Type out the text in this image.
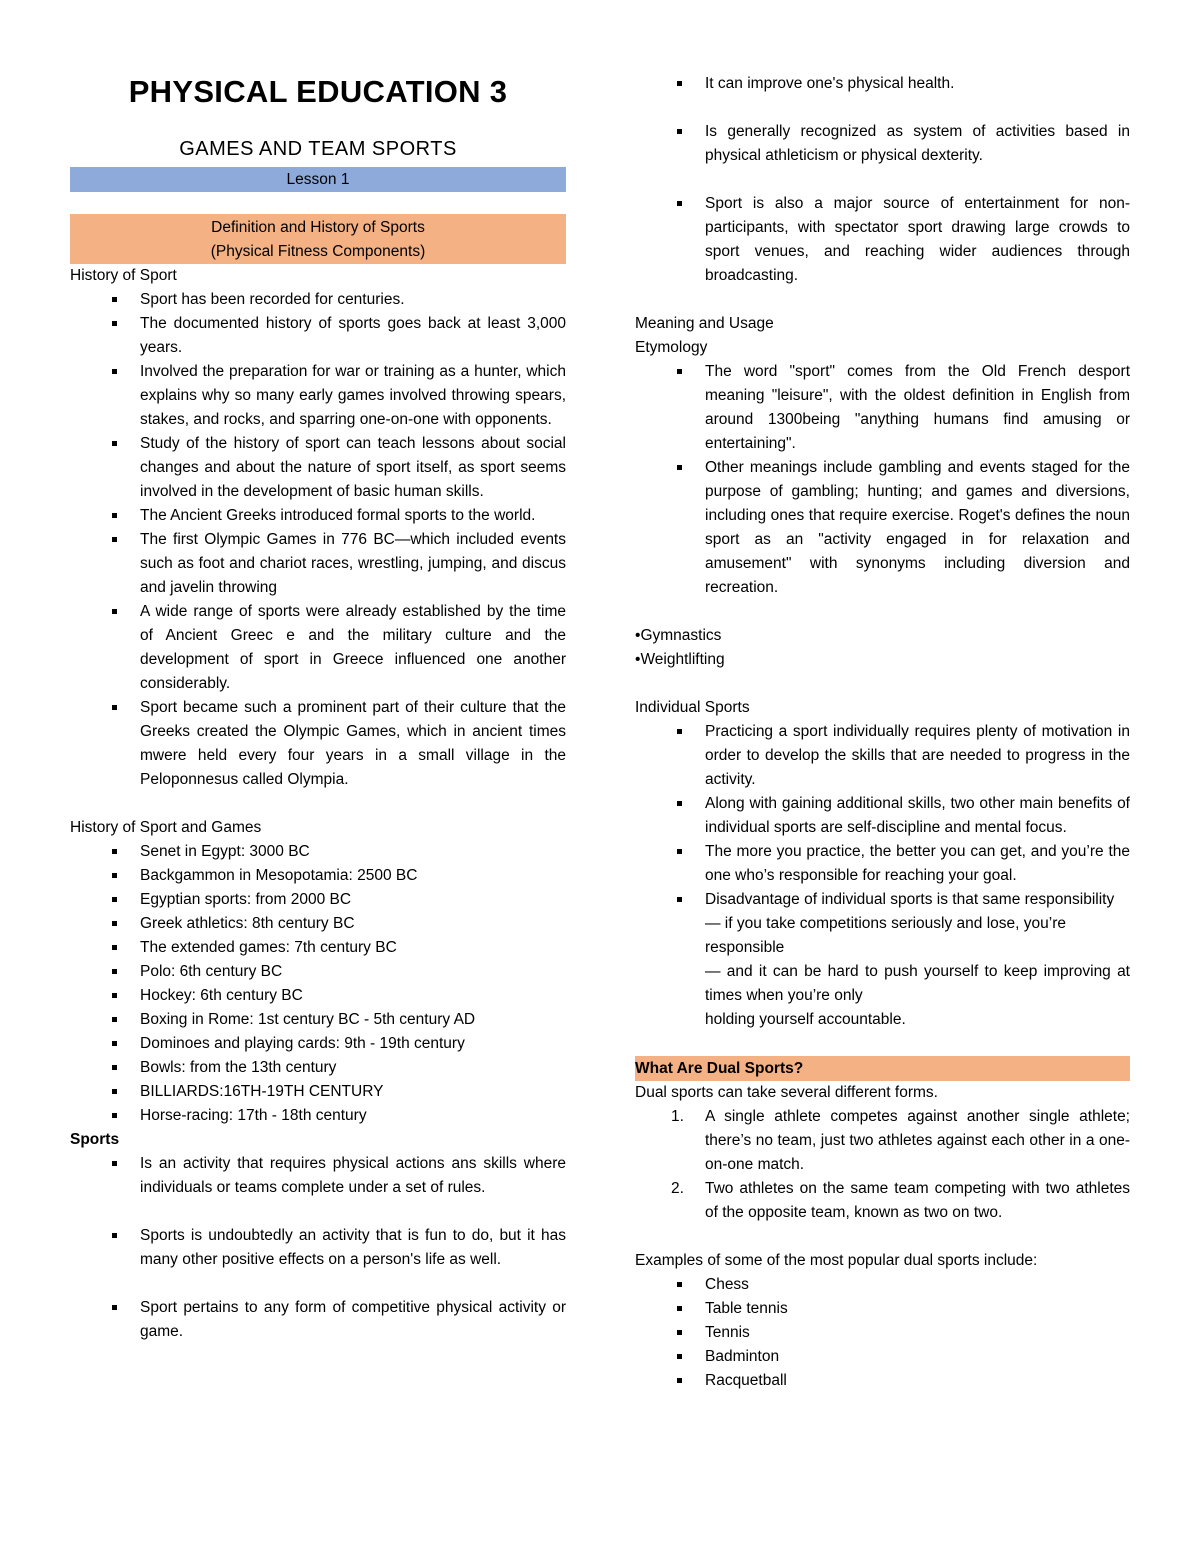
PHYSICAL EDUCATION 3
GAMES AND TEAM SPORTS
Lesson 1
Definition and History of Sports
(Physical Fitness Components)
History of Sport
Sport has been recorded for centuries.
The documented history of sports goes back at least 3,000 years.
Involved the preparation for war or training as a hunter, which explains why so many early games involved throwing spears, stakes, and rocks, and sparring one-on-one with opponents.
Study of the history of sport can teach lessons about social changes and about the nature of sport itself, as sport seems involved in the development of basic human skills.
The Ancient Greeks introduced formal sports to the world.
The first Olympic Games in 776 BC—which included events such as foot and chariot races, wrestling, jumping, and discus and javelin throwing
A wide range of sports were already established by the time of Ancient Greec e and the military culture and the development of sport in Greece influenced one another considerably.
Sport became such a prominent part of their culture that the Greeks created the Olympic Games, which in ancient times mwere held every four years in a small village in the Peloponnesus called Olympia.
History of Sport and Games
Senet in Egypt: 3000 BC
Backgammon in Mesopotamia: 2500 BC
Egyptian sports: from 2000 BC
Greek athletics: 8th century BC
The extended games: 7th century BC
Polo: 6th century BC
Hockey: 6th century BC
Boxing in Rome: 1st century BC - 5th century AD
Dominoes and playing cards: 9th - 19th century
Bowls: from the 13th century
BILLIARDS:16TH-19TH CENTURY
Horse-racing: 17th - 18th century
Sports
Is an activity that requires physical actions ans skills where individuals or teams complete under a set of rules.
Sports is undoubtedly an activity that is fun to do, but it has many other positive effects on a person's life as well.
Sport pertains to any form of competitive physical activity or game.
It can improve one's physical health.
Is generally recognized as system of activities based in physical athleticism or physical dexterity.
Sport is also a major source of entertainment for non-participants, with spectator sport drawing large crowds to sport venues, and reaching wider audiences through broadcasting.
Meaning and Usage
Etymology
The word "sport" comes from the Old French desport meaning "leisure", with the oldest definition in English from around 1300being "anything humans find amusing or entertaining".
Other meanings include gambling and events staged for the purpose of gambling; hunting; and games and diversions, including ones that require exercise. Roget's defines the noun sport as an "activity engaged in for relaxation and amusement" with synonyms including diversion and recreation.
• Gymnastics
• Weightlifting
Individual Sports
Practicing a sport individually requires plenty of motivation in order to develop the skills that are needed to progress in the activity.
Along with gaining additional skills, two other main benefits of individual sports are self-discipline and mental focus.
The more you practice, the better you can get, and you’re the one who’s responsible for reaching your goal.
Disadvantage of individual sports is that same responsibility
— if you take competitions seriously and lose, you’re responsible
— and it can be hard to push yourself to keep improving at times when you’re only
holding yourself accountable.
What Are Dual Sports?
Dual sports can take several different forms.
A single athlete competes against another single athlete; there’s no team, just two athletes against each other in a one-on-one match.
Two athletes on the same team competing with two athletes of the opposite team, known as two on two.
Examples of some of the most popular dual sports include:
Chess
Table tennis
Tennis
Badminton
Racquetball
